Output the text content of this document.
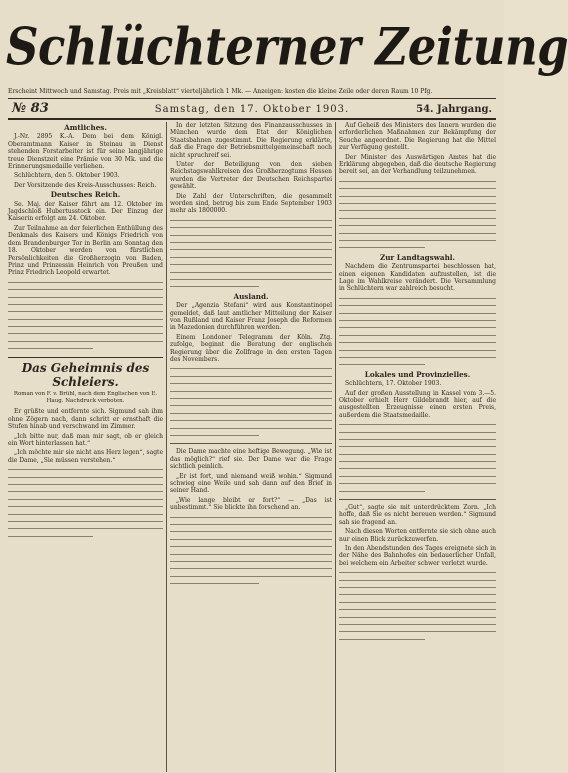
Schlüchterner Zeitung
Erscheint Mittwoch und Samstag. Preis mit „Kreisblatt“ vierteljährlich 1 Mk. — Anzeigen: kosten die kleine Zeile oder deren Raum 10 Pfg.
№ 83	Samstag, den 17. Oktober 1903.	54. Jahrgang.
Amtliches.

J.-Nr. 2895 K.-A. Dem bei dem Königl. Oberamtmann Kaiser in Steinau in Dienst stehenden Forstarbeiter ist für seine langjährige treue Dienstzeit eine Prämie von 30 Mk. und die Erinnerungsmedaille verliehen.

Schlüchtern, den 5. Oktober 1903.

Der Vorsitzende des Kreis-Ausschusses: Reich.

Deutsches Reich.

Se. Maj. der Kaiser fährt am 12. Oktober im Jagdschloß Hubertusstock ein. Der Einzug der Kaiserin erfolgt am 24. Oktober.

Zur Teilnahme an der feierlichen Enthüllung des Denkmals des Kaisers und Königs Friedrich von dem Brandenburger Tor in Berlin am Sonntag den 18. Oktober werden von fürstlichen Persönlichkeiten die Großherzogin von Baden, Prinz und Prinzessin Heinrich von Preußen und Prinz Friedrich Leopold erwartet.

Das Geheimnis des Schleiers.
Roman von F. v. Brühl, nach dem Englischen von E. Haug. Nachdruck verboten.

Er grüßte und entfernte sich. Sigmund sah ihm ohne Zögern nach, dann schritt er ernsthaft die Stufen hinab und verschwand im Zimmer.

„Ich bitte nur, daß man mir sagt, ob er gleich ein Wort hinterlassen hat.“

„Ich möchte mir sie nicht ans Herz legen“, sagte die Dame, „Sie müssen verstehen.“

In der letzten Sitzung des Finanzausschusses in München wurde dem Etat der Königlichen Staatsbahnen zugestimmt. Die Regierung erklärte, daß die Frage der Betriebsmittelgemeinschaft noch nicht spruchreif sei.

Unter der Beteiligung von den sieben Reichstagswahlkreisen des Großherzogtums Hessen wurden die Vertreter der Deutschen Reichspartei gewählt.

Die Zahl der Unterschriften, die gesammelt worden sind, betrug bis zum Ende September 1903 mehr als 1800000.

Ausland.

Der „Agenzia Stefani“ wird aus Konstantinopel gemeldet, daß laut amtlicher Mitteilung der Kaiser von Rußland und Kaiser Franz Joseph die Reformen in Mazedonien durchführen werden.

Einem Londoner Telegramm der Köln. Ztg. zufolge, beginnt die Beratung der englischen Regierung über die Zollfrage in den ersten Tagen des Novembers.

Die Dame machte eine heftige Bewegung. „Wie ist das möglich?“ rief sie. Der Dame war die Frage sichtlich peinlich.

„Er ist fort, und niemand weiß wohin.“ Sigmund schwieg eine Weile und sah dann auf den Brief in seiner Hand.

„Wie lange bleibt er fort?“ — „Das ist unbestimmt.“ Sie blickte ihn forschend an.

Auf Geheiß des Ministers des Innern wurden die erforderlichen Maßnahmen zur Bekämpfung der Seuche angeordnet. Die Regierung hat die Mittel zur Verfügung gestellt.

Der Minister des Auswärtigen Amtes hat die Erklärung abgegeben, daß die deutsche Regierung bereit sei, an der Verhandlung teilzunehmen.

Zur Landtagswahl.

Nachdem die Zentrumspartei beschlossen hat, einen eigenen Kandidaten aufzustellen, ist die Lage im Wahlkreise verändert. Die Versammlung in Schlüchtern war zahlreich besucht.

Lokales und Provinzielles.

Schlüchtern, 17. Oktober 1903.

Auf der großen Ausstellung in Kassel vom 3.—5. Oktober erhielt Herr Gildebrandt hier, auf die ausgestellten Erzeugnisse einen ersten Preis, außerdem die Staatsmedaille.

„Gut“, sagte sie mit unterdrücktem Zorn. „Ich hoffe, daß Sie es nicht bereuen werden.“ Sigmund sah sie fragend an.

Nach diesen Worten entfernte sie sich ohne auch nur einen Blick zurückzuwerfen.

In den Abendstunden des Tages ereignete sich in der Nähe des Bahnhofes ein bedauerlicher Unfall, bei welchem ein Arbeiter schwer verletzt wurde.
